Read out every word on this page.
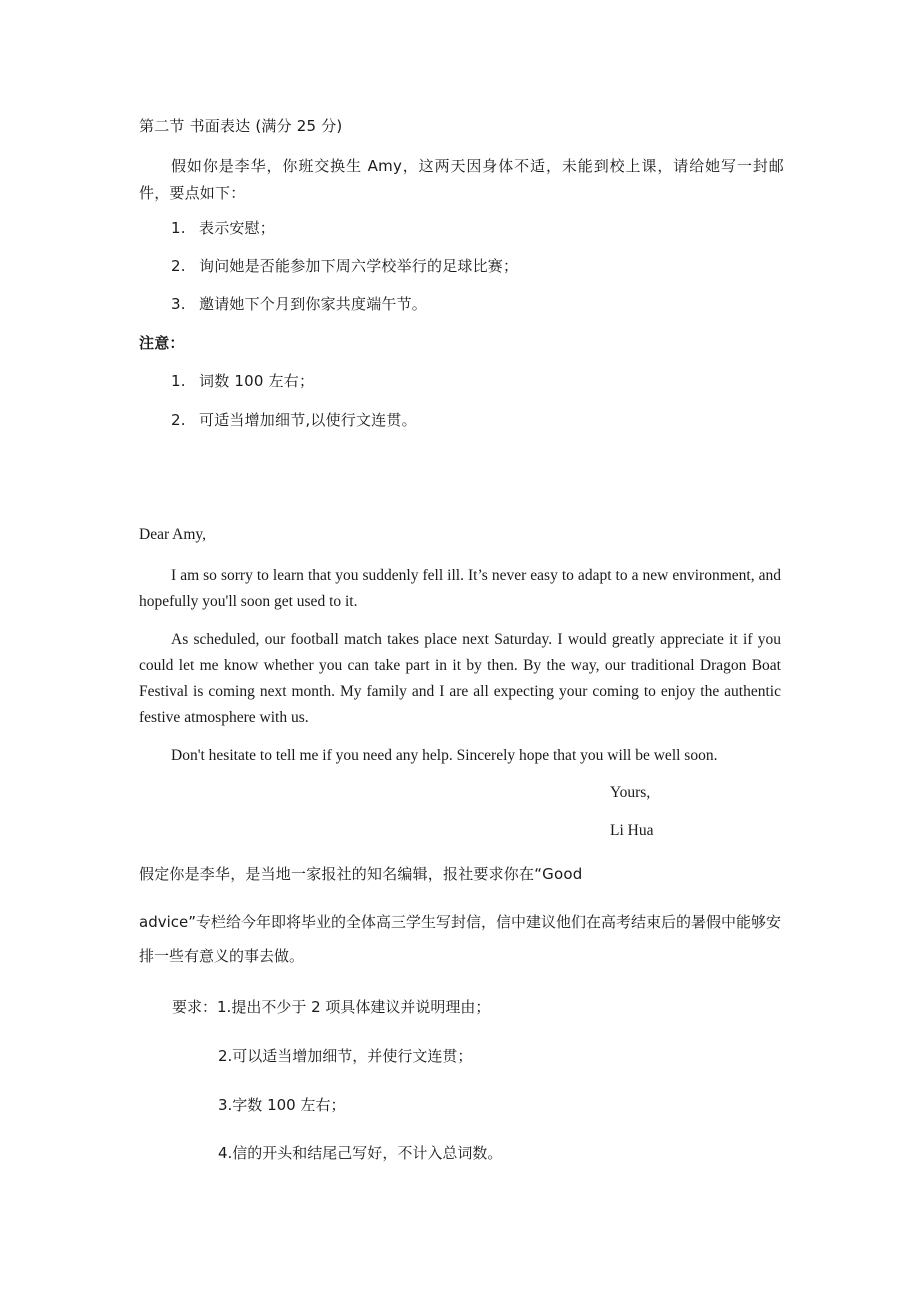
第二节 书面表达 (满分 25 分)
假如你是李华，你班交换生 Amy，这两天因身体不适，未能到校上课，请给她写一封邮件，要点如下：
1. 表示安慰；
2. 询问她是否能参加下周六学校举行的足球比赛；
3. 邀请她下个月到你家共度端午节。
注意：
1. 词数 100 左右；
2. 可适当增加细节,以使行文连贯。
Dear Amy,
I am so sorry to learn that you suddenly fell ill. It’s never easy to adapt to a new environment, and hopefully you'll soon get used to it.
As scheduled, our football match takes place next Saturday. I would greatly appreciate it if you could let me know whether you can take part in it by then. By the way, our traditional Dragon Boat Festival is coming next month. My family and I are all expecting your coming to enjoy the authentic festive atmosphere with us.
Don't hesitate to tell me if you need any help. Sincerely hope that you will be well soon.
Yours,
Li Hua
假定你是李华，是当地一家报社的知名编辑，报社要求你在“Good
advice”专栏给今年即将毕业的全体高三学生写封信，信中建议他们在高考结束后的暑假中能够安排一些有意义的事去做。
要求：1.提出不少于 2 项具体建议并说明理由；
2.可以适当增加细节，并使行文连贯；
3.字数 100 左右；
4.信的开头和结尾己写好，不计入总词数。
